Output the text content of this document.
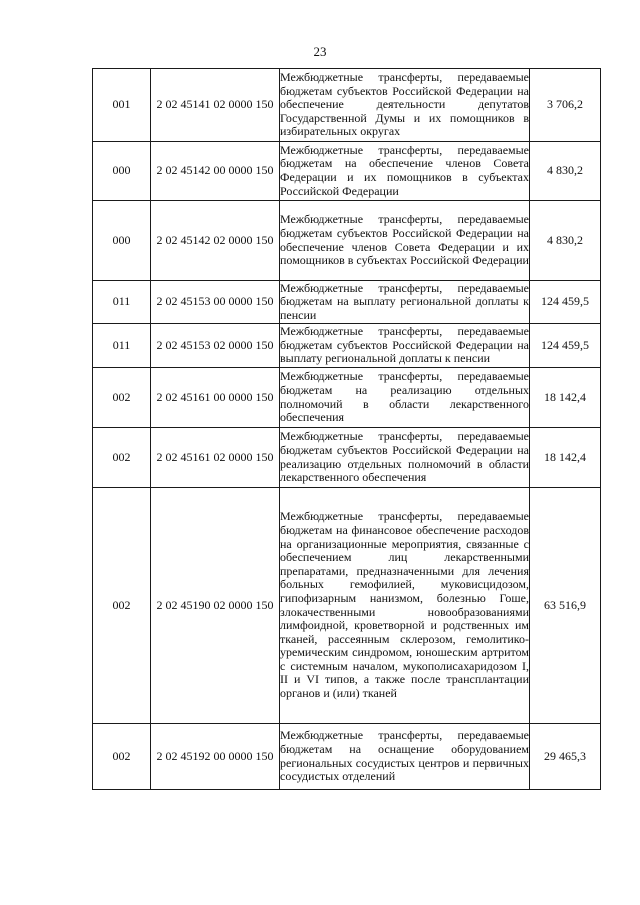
23
001	2 02 45141 02 0000 150	Межбюджетные трансферты, передаваемые бюджетам субъектов Российской Федерации на обеспечение деятельности депутатов Государственной Думы и их помощников в избирательных округах	3 706,2
000	2 02 45142 00 0000 150	Межбюджетные трансферты, передаваемые бюджетам на обеспечение членов Совета Федерации и их помощников в субъектах Российской Федерации	4 830,2
000	2 02 45142 02 0000 150	Межбюджетные трансферты, передаваемые бюджетам субъектов Российской Федерации на обеспечение членов Совета Федерации и их помощников в субъектах Российской Федерации	4 830,2
011	2 02 45153 00 0000 150	Межбюджетные трансферты, передаваемые бюджетам на выплату региональной доплаты к пенсии	124 459,5
011	2 02 45153 02 0000 150	Межбюджетные трансферты, передаваемые бюджетам субъектов Российской Федерации на выплату региональной доплаты к пенсии	124 459,5
002	2 02 45161 00 0000 150	Межбюджетные трансферты, передаваемые бюджетам на реализацию отдельных полномочий в области лекарственного обеспечения	18 142,4
002	2 02 45161 02 0000 150	Межбюджетные трансферты, передаваемые бюджетам субъектов Российской Федерации на реализацию отдельных полномочий в области лекарственного обеспечения	18 142,4
002	2 02 45190 02 0000 150	Межбюджетные трансферты, передаваемые бюджетам на финансовое обеспечение расходов на организационные мероприятия, связанные с обеспечением лиц лекарственными препаратами, предназначенными для лечения больных гемофилией, муковисцидозом, гипофизарным нанизмом, болезнью Гоше, злокачественными новообразованиями лимфоидной, кроветворной и родственных им тканей, рассеянным склерозом, гемолитико-уремическим синдромом, юношеским артритом с системным началом, мукополисахаридозом I, II и VI типов, а также после трансплантации органов и (или) тканей	63 516,9
002	2 02 45192 00 0000 150	Межбюджетные трансферты, передаваемые бюджетам на оснащение оборудованием региональных сосудистых центров и первичных сосудистых отделений	29 465,3
